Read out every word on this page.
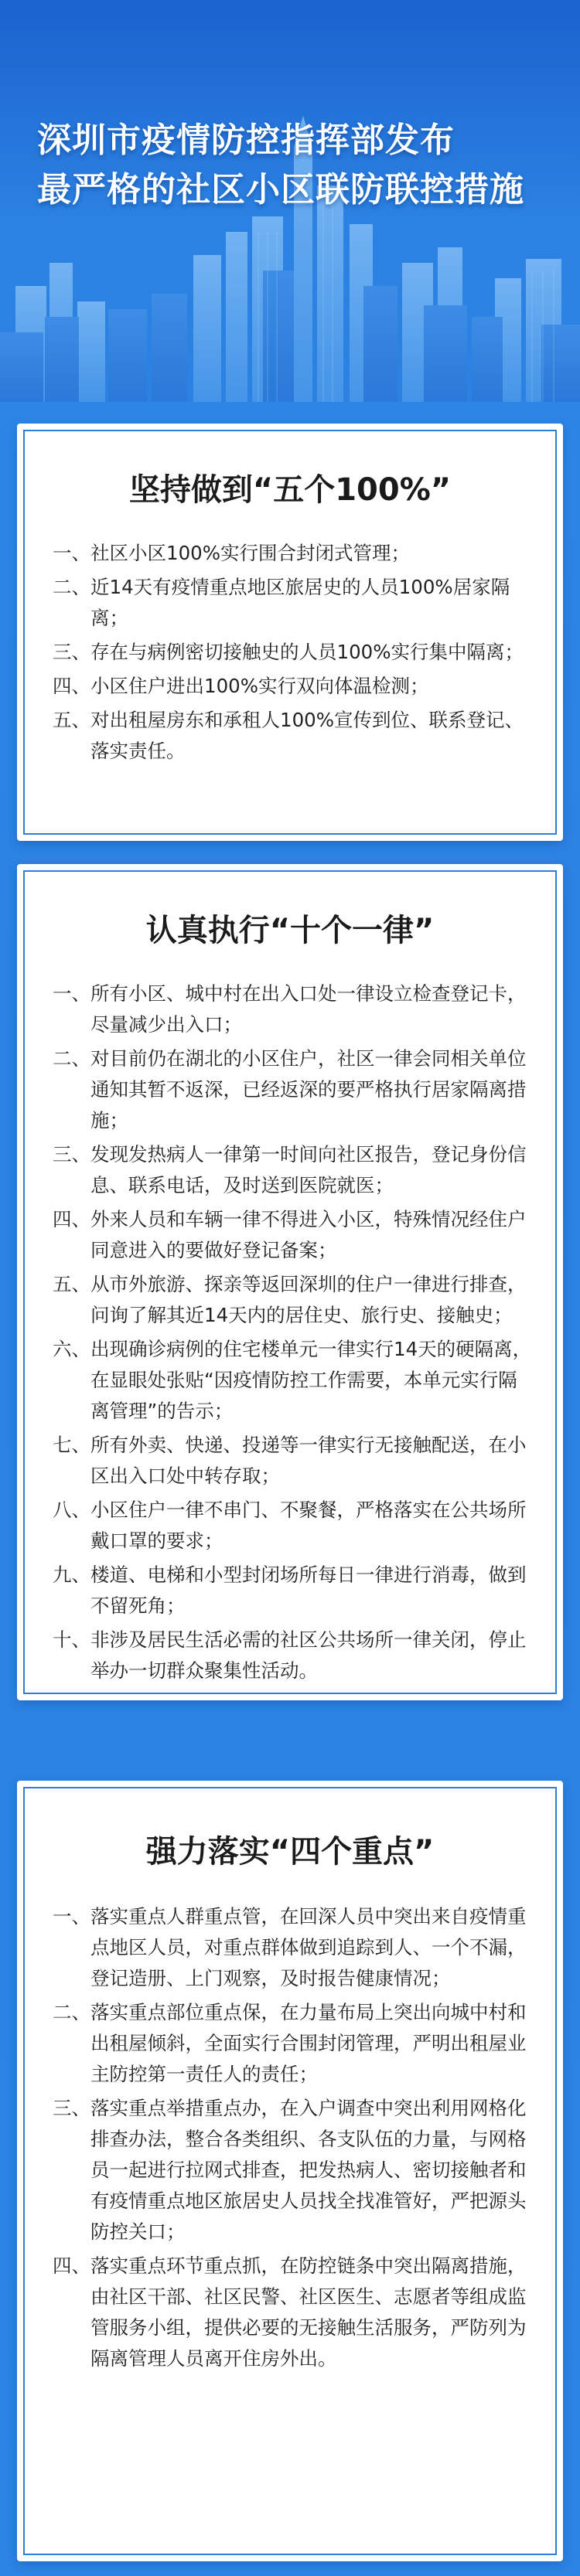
深圳市疫情防控指挥部发布
最严格的社区小区联防联控措施
坚持做到“五个100%”
一、 社区小区100%实行围合封闭式管理；
二、 近14天有疫情重点地区旅居史的人员100%居家隔离；
三、 存在与病例密切接触史的人员100%实行集中隔离；
四、 小区住户进出100%实行双向体温检测；
五、 对出租屋房东和承租人100%宣传到位、联系登记、落实责任。
认真执行“十个一律”
一、 所有小区、城中村在出入口处一律设立检查登记卡，尽量减少出入口；
二、 对目前仍在湖北的小区住户，社区一律会同相关单位通知其暂不返深，已经返深的要严格执行居家隔离措施；
三、 发现发热病人一律第一时间向社区报告，登记身份信息、联系电话，及时送到医院就医；
四、 外来人员和车辆一律不得进入小区，特殊情况经住户同意进入的要做好登记备案；
五、 从市外旅游、探亲等返回深圳的住户一律进行排查，问询了解其近14天内的居住史、旅行史、接触史；
六、 出现确诊病例的住宅楼单元一律实行14天的硬隔离，在显眼处张贴“因疫情防控工作需要，本单元实行隔离管理”的告示；
七、 所有外卖、快递、投递等一律实行无接触配送，在小区出入口处中转存取；
八、 小区住户一律不串门、不聚餐，严格落实在公共场所戴口罩的要求；
九、 楼道、电梯和小型封闭场所每日一律进行消毒，做到不留死角；
十、 非涉及居民生活必需的社区公共场所一律关闭，停止举办一切群众聚集性活动。
强力落实“四个重点”
一、 落实重点人群重点管，在回深人员中突出来自疫情重点地区人员，对重点群体做到追踪到人、一个不漏，登记造册、上门观察，及时报告健康情况；
二、 落实重点部位重点保，在力量布局上突出向城中村和出租屋倾斜，全面实行合围封闭管理，严明出租屋业主防控第一责任人的责任；
三、 落实重点举措重点办，在入户调查中突出利用网格化排查办法，整合各类组织、各支队伍的力量，与网格员一起进行拉网式排查，把发热病人、密切接触者和有疫情重点地区旅居史人员找全找准管好，严把源头防控关口；
四、 落实重点环节重点抓，在防控链条中突出隔离措施，由社区干部、社区民警、社区医生、志愿者等组成监管服务小组，提供必要的无接触生活服务，严防列为隔离管理人员离开住房外出。
